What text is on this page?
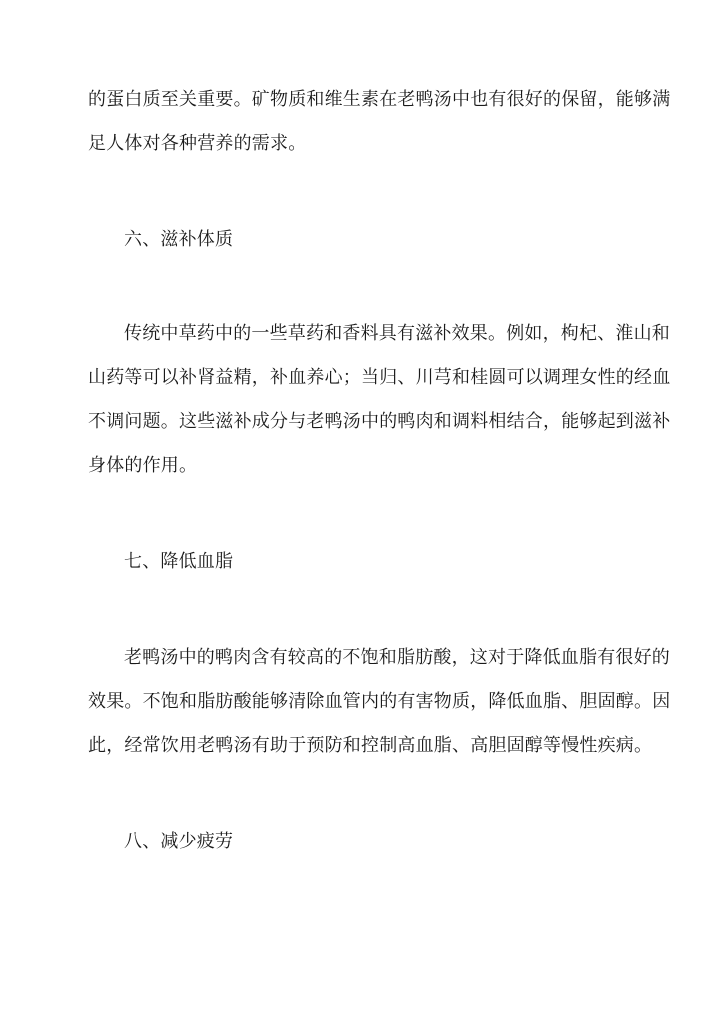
的蛋白质至关重要。矿物质和维生素在老鸭汤中也有很好的保留，能够满
足人体对各种营养的需求。
六、滋补体质
传统中草药中的一些草药和香料具有滋补效果。例如，枸杞、淮山和
山药等可以补肾益精，补血养心；当归、川芎和桂圆可以调理女性的经血
不调问题。这些滋补成分与老鸭汤中的鸭肉和调料相结合，能够起到滋补
身体的作用。
七、降低血脂
老鸭汤中的鸭肉含有较高的不饱和脂肪酸，这对于降低血脂有很好的
效果。不饱和脂肪酸能够清除血管内的有害物质，降低血脂、胆固醇。因
此，经常饮用老鸭汤有助于预防和控制高血脂、高胆固醇等慢性疾病。
八、减少疲劳
